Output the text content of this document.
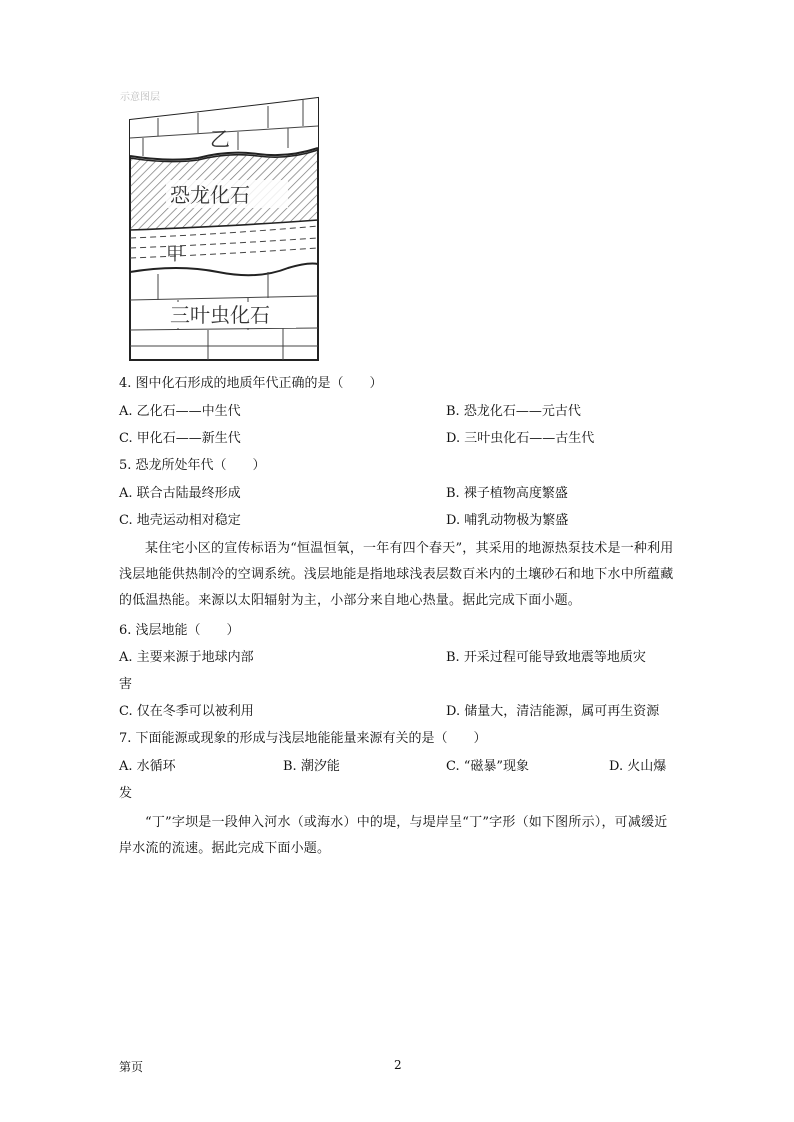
示意图层
乙
恐龙化石
甲
三叶虫化石
4. 图中化石形成的地质年代正确的是（　　）
A. 乙化石——中生代	B. 恐龙化石——元古代
C. 甲化石——新生代	D. 三叶虫化石——古生代
5. 恐龙所处年代（　　）
A. 联合古陆最终形成	B. 裸子植物高度繁盛
C. 地壳运动相对稳定	D. 哺乳动物极为繁盛
某住宅小区的宣传标语为“恒温恒氧，一年有四个春天”，其采用的地源热泵技术是一种利用浅层地能供热制冷的空调系统。浅层地能是指地球浅表层数百米内的土壤砂石和地下水中所蕴藏的低温热能。来源以太阳辐射为主，小部分来自地心热量。据此完成下面小题。
6. 浅层地能（　　）
A. 主要来源于地球内部	B. 开采过程可能导致地震等地质灾
害
C. 仅在冬季可以被利用	D. 储量大，清洁能源，属可再生资源
7. 下面能源或现象的形成与浅层地能能量来源有关的是（　　）
A. 水循环	B. 潮汐能	C. “磁暴”现象	D. 火山爆
发
“丁”字坝是一段伸入河水（或海水）中的堤，与堤岸呈“丁”字形（如下图所示），可减缓近岸水流的流速。据此完成下面小题。
第页	2
